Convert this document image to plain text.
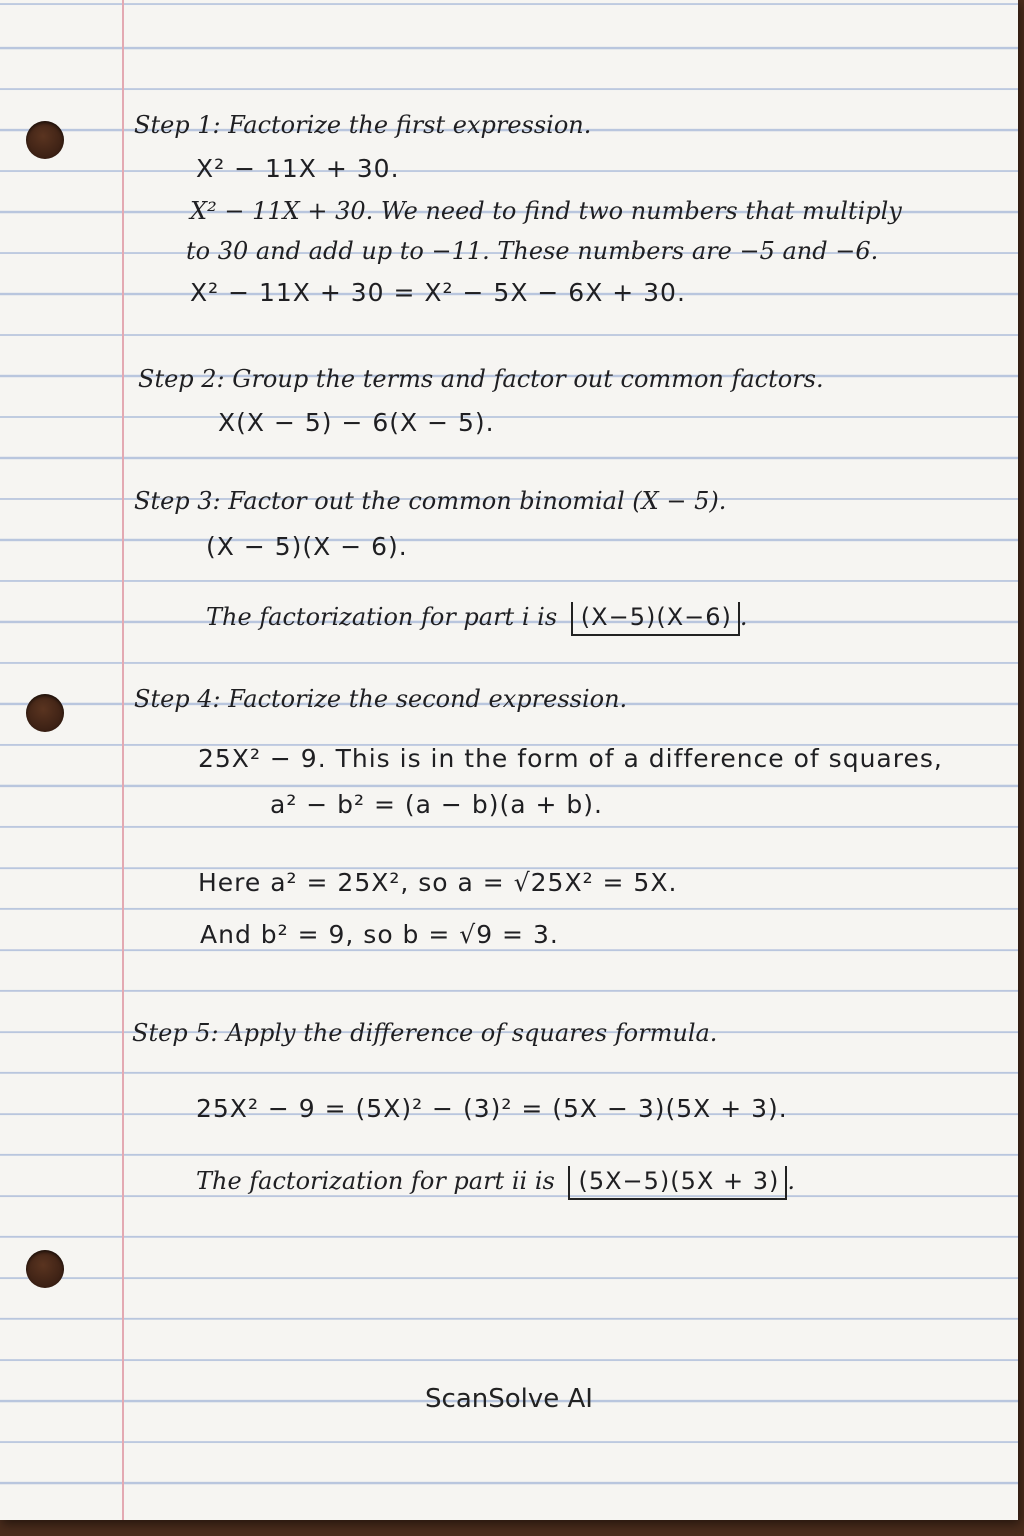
Step 1: Factorize the first expression.
X² − 11X + 30.
X² − 11X + 30. We need to find two numbers that multiply
to 30 and add up to −11. These numbers are −5 and −6.
X² − 11X + 30 = X² − 5X − 6X + 30.
Step 2: Group the terms and factor out common factors.
X(X − 5) − 6(X − 5).
Step 3: Factor out the common binomial (X − 5).
(X − 5)(X − 6).
The factorization for part i is (X−5)(X−6) .
Step 4: Factorize the second expression.
25X² − 9. This is in the form of a difference of squares,
a² − b² = (a − b)(a + b).
Here a² = 25X², so a = √25X² = 5X.
And b² = 9, so b = √9 = 3.
Step 5: Apply the difference of squares formula.
25X² − 9 = (5X)² − (3)² = (5X − 3)(5X + 3).
The factorization for part ii is (5X−5)(5X + 3) .
ScanSolve AI
